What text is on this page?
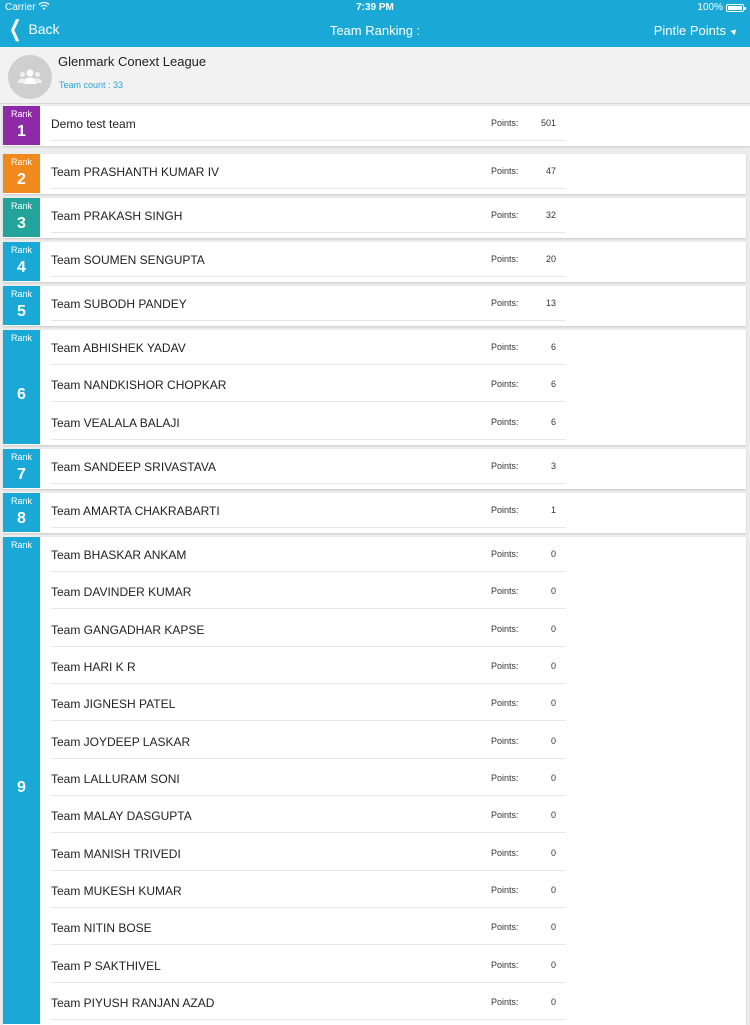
Carrier	7:39 PM	100%
❮ Back	Team Ranking :	Pintle Points
Glenmark Conext League
Team count : 33
Rank
1	Demo test team	Points: 501
Rank
2	Team PRASHANTH KUMAR IV	Points:	47
Rank
3	Team PRAKASH SINGH	Points:	32
Rank
4	Team SOUMEN SENGUPTA	Points:	20
Rank
5	Team SUBODH PANDEY	Points:	13
Rank
6
Team ABHISHEK YADAV	Points:	6
Team NANDKISHOR CHOPKAR	Points:	6
Team VEALALA BALAJI	Points:	6
Rank
7	Team SANDEEP SRIVASTAVA	Points:	3
Rank
8	Team AMARTA CHAKRABARTI	Points:	1
Rank
9
Team BHASKAR ANKAM	Points:	0
Team DAVINDER KUMAR	Points:	0
Team GANGADHAR KAPSE	Points:	0
Team HARI K R	Points:	0
Team JIGNESH PATEL	Points:	0
Team JOYDEEP LASKAR	Points:	0
Team LALLURAM SONI	Points:	0
Team MALAY DASGUPTA	Points:	0
Team MANISH TRIVEDI	Points:	0
Team MUKESH KUMAR	Points:	0
Team NITIN BOSE	Points:	0
Team P SAKTHIVEL	Points:	0
Team PIYUSH RANJAN AZAD	Points:	0
